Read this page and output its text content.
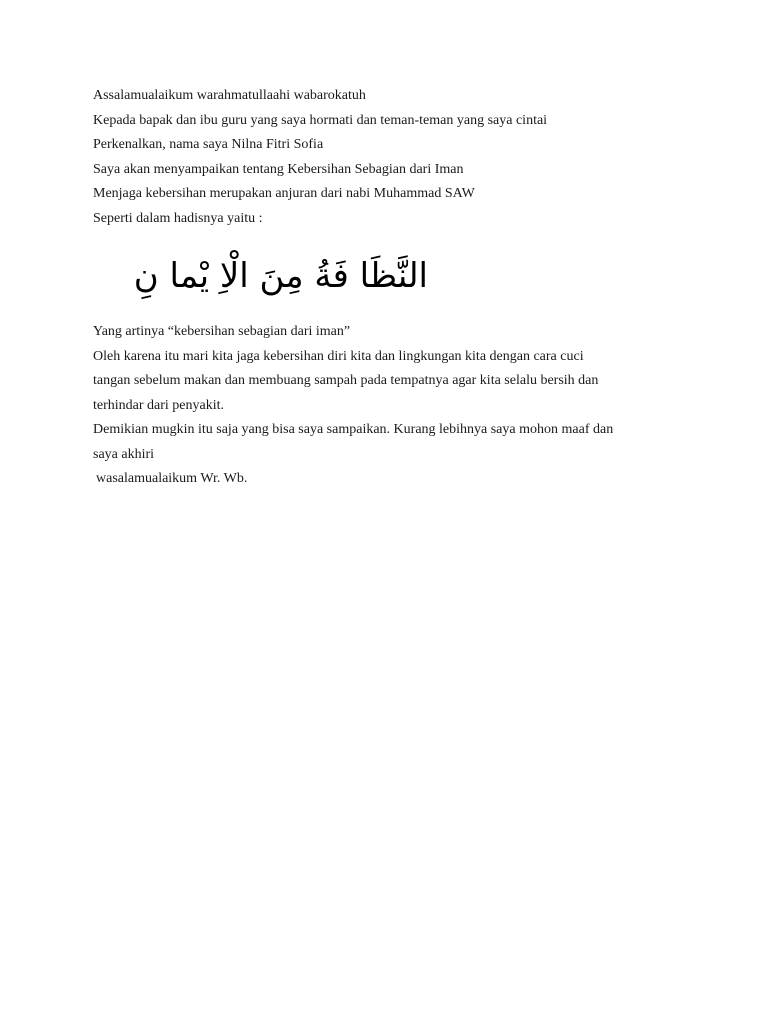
Assalamualaikum warahmatullaahi wabarokatuh
Kepada bapak dan ibu guru yang saya hormati dan teman-teman yang saya cintai
Perkenalkan, nama saya Nilna Fitri Sofia
Saya akan menyampaikan tentang Kebersihan Sebagian dari Iman
Menjaga kebersihan merupakan anjuran dari nabi Muhammad SAW
Seperti dalam hadisnya yaitu :
النَّظَا فَةُ مِنَ الْاِ يْما نِ
Yang artinya “kebersihan sebagian dari iman”
Oleh karena itu mari kita jaga kebersihan diri kita dan lingkungan kita dengan cara cuci
tangan sebelum makan dan membuang sampah pada tempatnya agar kita selalu bersih dan
terhindar dari penyakit.
Demikian mugkin itu saja yang bisa saya sampaikan. Kurang lebihnya saya mohon maaf dan
saya akhiri
wasalamualaikum Wr. Wb.
